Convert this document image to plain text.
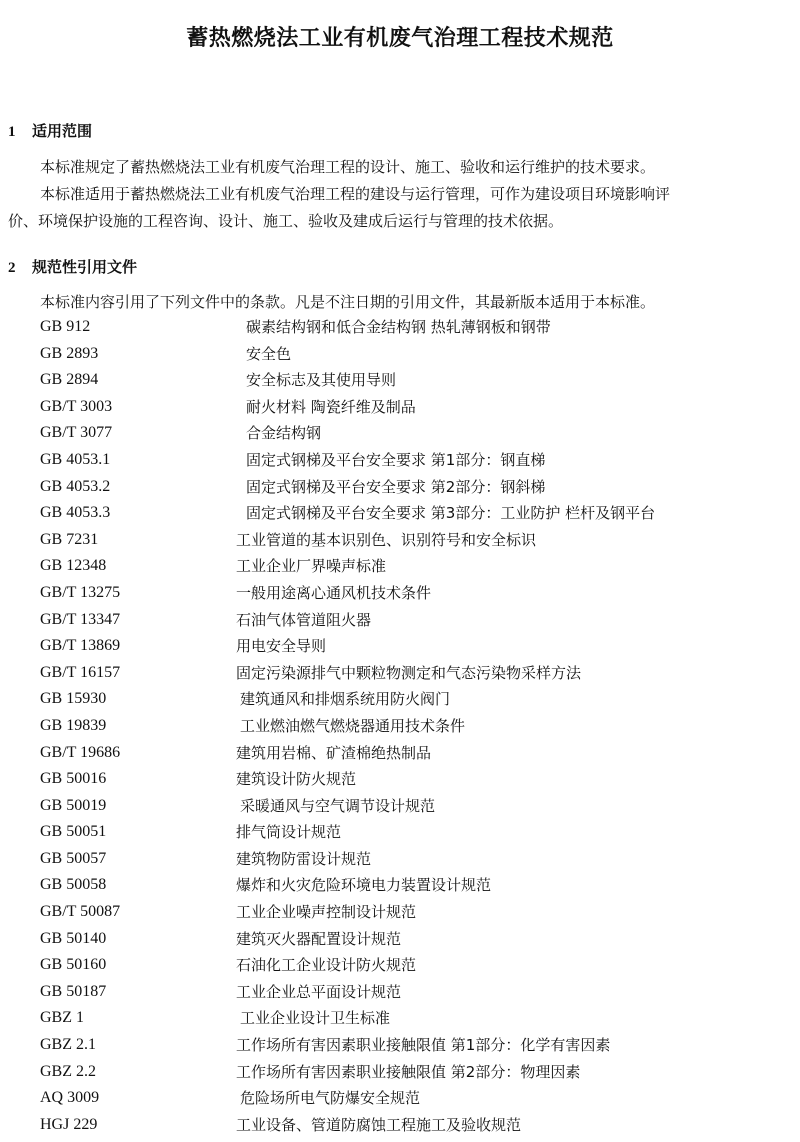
蓄热燃烧法工业有机废气治理工程技术规范
1 适用范围
本标准规定了蓄热燃烧法工业有机废气治理工程的设计、施工、验收和运行维护的技术要求。
本标准适用于蓄热燃烧法工业有机废气治理工程的建设与运行管理，可作为建设项目环境影响评
价、环境保护设施的工程咨询、设计、施工、验收及建成后运行与管理的技术依据。
2 规范性引用文件
本标准内容引用了下列文件中的条款。凡是不注日期的引用文件，其最新版本适用于本标准。
GB 912	碳素结构钢和低合金结构钢 热轧薄钢板和钢带
GB 2893	安全色
GB 2894	安全标志及其使用导则
GB/T 3003	耐火材料 陶瓷纤维及制品
GB/T 3077	合金结构钢
GB 4053.1	固定式钢梯及平台安全要求 第1部分：钢直梯
GB 4053.2	固定式钢梯及平台安全要求 第2部分：钢斜梯
GB 4053.3	固定式钢梯及平台安全要求 第3部分：工业防护 栏杆及钢平台
GB 7231	工业管道的基本识别色、识别符号和安全标识
GB 12348	工业企业厂界噪声标准
GB/T 13275	一般用途离心通风机技术条件
GB/T 13347	石油气体管道阻火器
GB/T 13869	用电安全导则
GB/T 16157	固定污染源排气中颗粒物测定和气态污染物采样方法
GB 15930	建筑通风和排烟系统用防火阀门
GB 19839	工业燃油燃气燃烧器通用技术条件
GB/T 19686	建筑用岩棉、矿渣棉绝热制品
GB 50016	建筑设计防火规范
GB 50019	采暖通风与空气调节设计规范
GB 50051	排气筒设计规范
GB 50057	建筑物防雷设计规范
GB 50058	爆炸和火灾危险环境电力装置设计规范
GB/T 50087	工业企业噪声控制设计规范
GB 50140	建筑灭火器配置设计规范
GB 50160	石油化工企业设计防火规范
GB 50187	工业企业总平面设计规范
GBZ 1	工业企业设计卫生标准
GBZ 2.1	工作场所有害因素职业接触限值 第1部分：化学有害因素
GBZ 2.2	工作场所有害因素职业接触限值 第2部分：物理因素
AQ 3009	危险场所电气防爆安全规范
HGJ 229	工业设备、管道防腐蚀工程施工及验收规范
